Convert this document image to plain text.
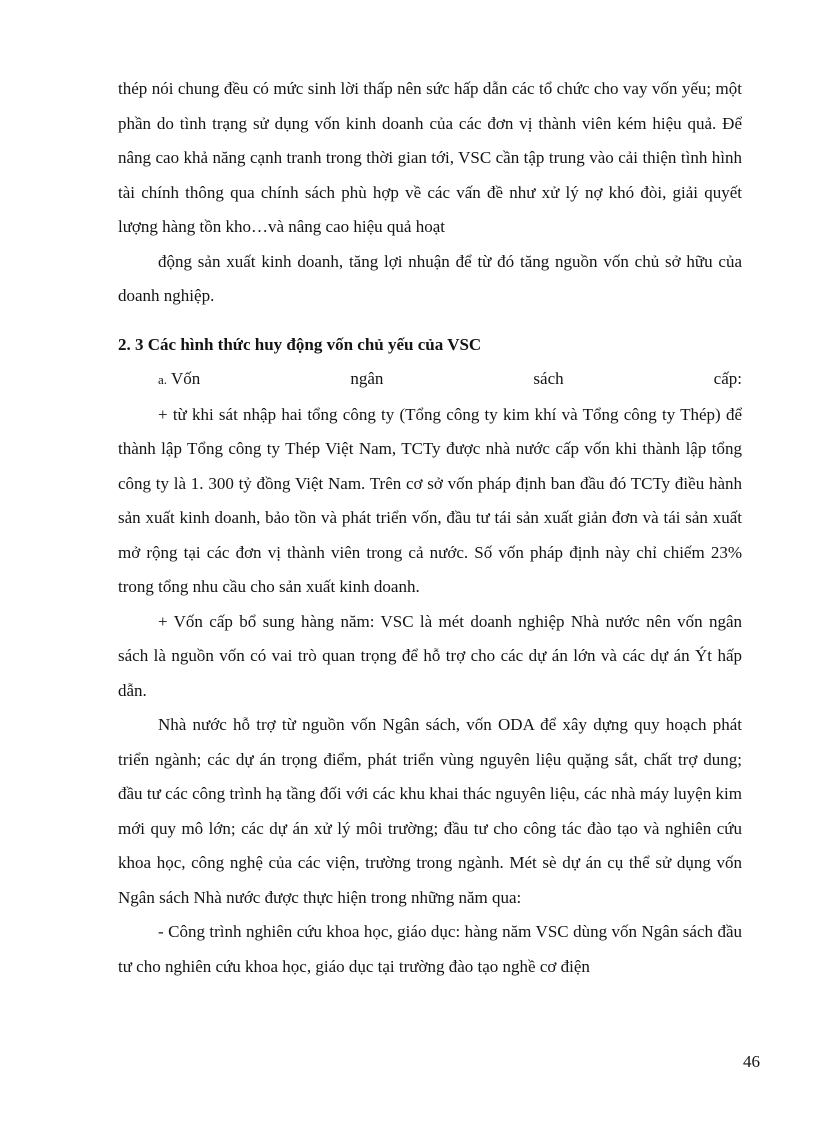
thép nói chung đều có mức sinh lời thấp nên sức hấp dẫn các tổ chức cho vay vốn yếu; một phần do tình trạng sử dụng vốn kinh doanh của các đơn vị thành viên kém hiệu quả. Để nâng cao khả năng cạnh tranh trong thời gian tới, VSC cần tập trung vào cải thiện tình hình tài chính thông qua chính sách phù hợp về các vấn đề như xử lý nợ khó đòi, giải quyết lượng hàng tồn kho…và nâng cao hiệu quả hoạt

động sản xuất kinh doanh, tăng lợi nhuận để từ đó tăng nguồn vốn chủ sở hữu của doanh nghiệp.

2. 3 Các hình thức huy động vốn chủ yếu của VSC

a. Vốn ngân sách cấp:

+ từ khi sát nhập hai tổng công ty (Tổng công ty kim khí và Tổng công ty Thép) để thành lập Tổng công ty Thép Việt Nam, TCTy được nhà nước cấp vốn khi thành lập tổng công ty là 1. 300 tỷ đồng Việt Nam. Trên cơ sở vốn pháp định ban đầu đó TCTy điều hành sản xuất kinh doanh, bảo tồn và phát triển vốn, đầu tư tái sản xuất giản đơn và tái sản xuất mở rộng tại các đơn vị thành viên trong cả nước. Số vốn pháp định này chỉ chiếm 23% trong tổng nhu cầu cho sản xuất kinh doanh.

+ Vốn cấp bổ sung hàng năm: VSC là mét doanh nghiệp Nhà nước nên vốn ngân sách là nguồn vốn có vai trò quan trọng để hỗ trợ cho các dự án lớn và các dự án Ýt hấp dẫn.

Nhà nước hỗ trợ từ nguồn vốn Ngân sách, vốn ODA để xây dựng quy hoạch phát triển ngành; các dự án trọng điểm, phát triển vùng nguyên liệu quặng sắt, chất trợ dung; đầu tư các công trình hạ tầng đối với các khu khai thác nguyên liệu, các nhà máy luyện kim mới quy mô lớn; các dự án xử lý môi trường; đầu tư cho công tác đào tạo và nghiên cứu khoa học, công nghệ của các viện, trường trong ngành. Mét sè dự án cụ thể sử dụng vốn Ngân sách Nhà nước được thực hiện trong những năm qua:

- Công trình nghiên cứu khoa học, giáo dục: hàng năm VSC dùng vốn Ngân sách đầu tư cho nghiên cứu khoa học, giáo dục tại trường đào tạo nghề cơ điện

46
